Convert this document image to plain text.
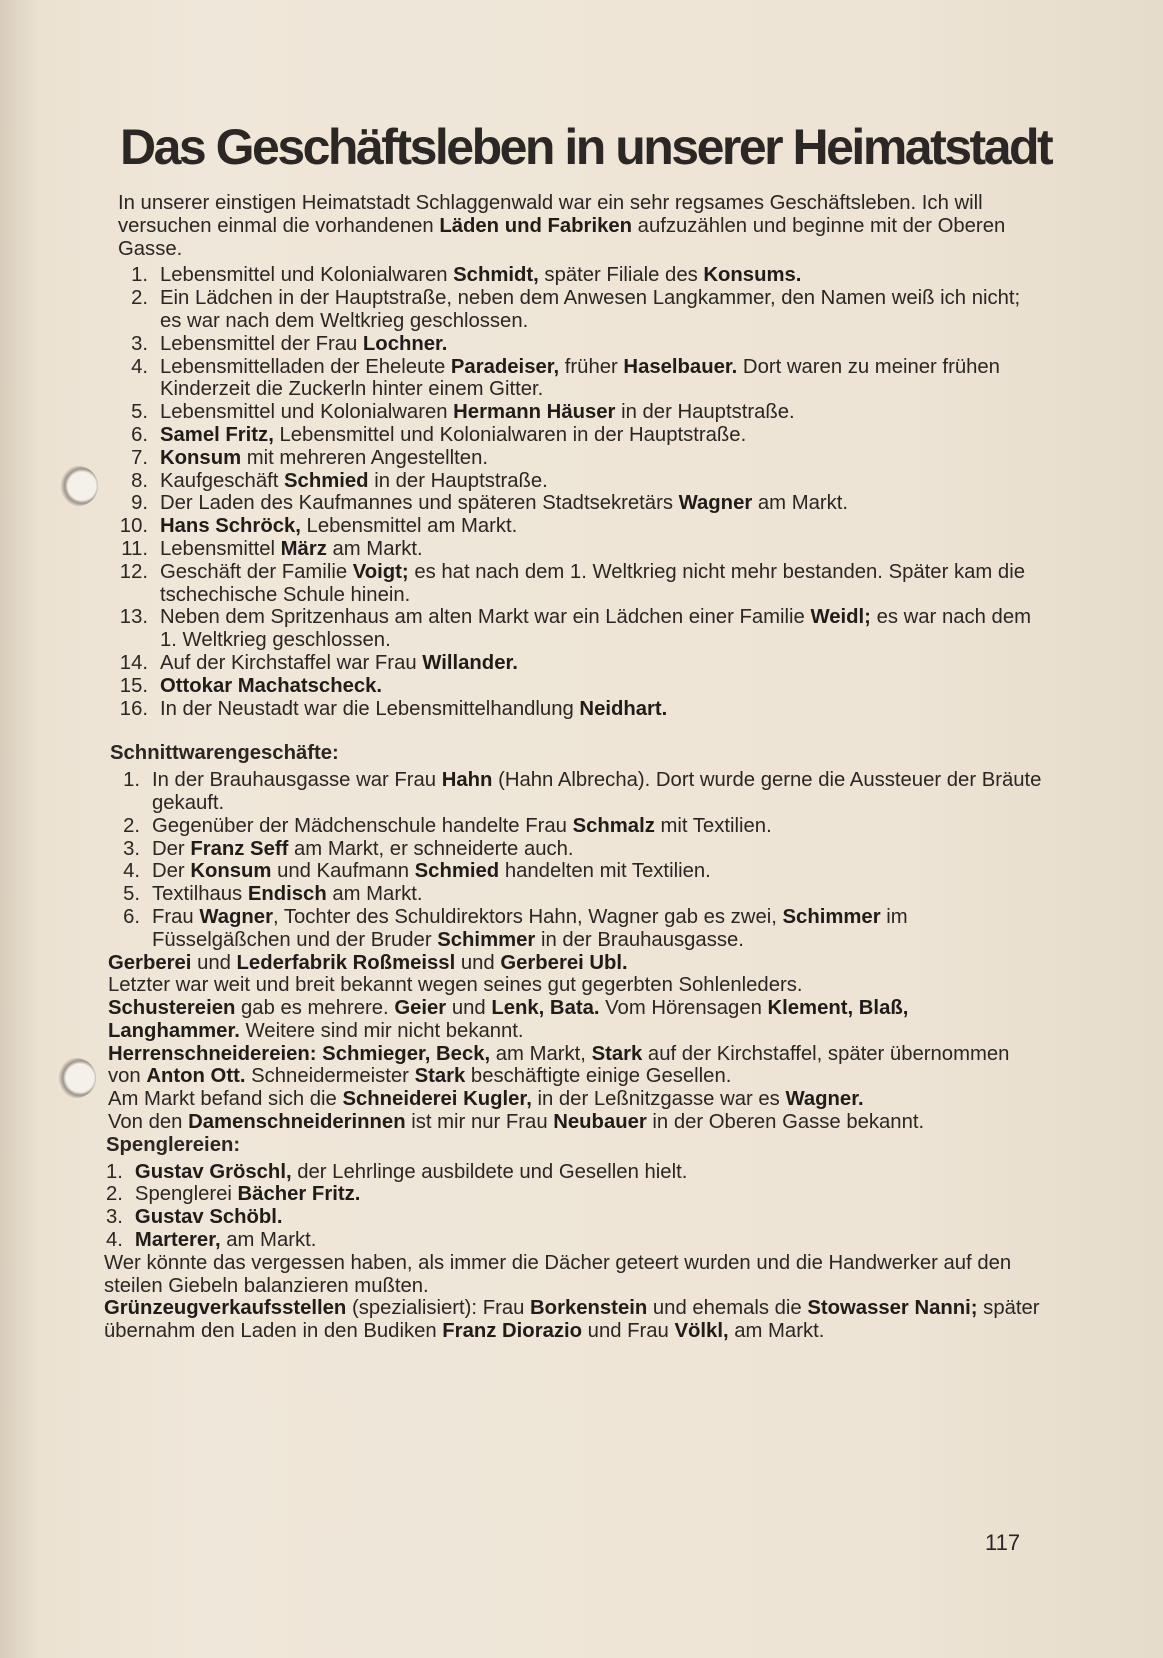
Das Geschäftsleben in unserer Heimatstadt

In unserer einstigen Heimatstadt Schlaggenwald war ein sehr regsames Geschäftsleben. Ich will versuchen einmal die vorhandenen Läden und Fabriken aufzuzählen und beginne mit der Oberen Gasse.

1. Lebensmittel und Kolonialwaren Schmidt, später Filiale des Konsums.
2. Ein Lädchen in der Hauptstraße, neben dem Anwesen Langkammer, den Namen weiß ich nicht; es war nach dem Weltkrieg geschlossen.
3. Lebensmittel der Frau Lochner.
4. Lebensmittelladen der Eheleute Paradeiser, früher Haselbauer. Dort waren zu meiner frühen Kinderzeit die Zuckerln hinter einem Gitter.
5. Lebensmittel und Kolonialwaren Hermann Häuser in der Hauptstraße.
6. Samel Fritz, Lebensmittel und Kolonialwaren in der Hauptstraße.
7. Konsum mit mehreren Angestellten.
8. Kaufgeschäft Schmied in der Hauptstraße.
9. Der Laden des Kaufmannes und späteren Stadtsekretärs Wagner am Markt.
10. Hans Schröck, Lebensmittel am Markt.
11. Lebensmittel März am Markt.
12. Geschäft der Familie Voigt; es hat nach dem 1. Weltkrieg nicht mehr bestanden. Später kam die tschechische Schule hinein.
13. Neben dem Spritzenhaus am alten Markt war ein Lädchen einer Familie Weidl; es war nach dem 1. Weltkrieg geschlossen.
14. Auf der Kirchstaffel war Frau Willander.
15. Ottokar Machatscheck.
16. In der Neustadt war die Lebensmittelhandlung Neidhart.
Schnittwarengeschäfte:
1. In der Brauhausgasse war Frau Hahn (Hahn Albrecha). Dort wurde gerne die Aussteuer der Bräute gekauft.
2. Gegenüber der Mädchenschule handelte Frau Schmalz mit Textilien.
3. Der Franz Seff am Markt, er schneiderte auch.
4. Der Konsum und Kaufmann Schmied handelten mit Textilien.
5. Textilhaus Endisch am Markt.
6. Frau Wagner, Tochter des Schuldirektors Hahn, Wagner gab es zwei, Schimmer im Füsselgäßchen und der Bruder Schimmer in der Brauhausgasse.

Gerberei und Lederfabrik Roßmeissl und Gerberei Ubl.

Letzter war weit und breit bekannt wegen seines gut gegerbten Sohlenleders.

Schustereien gab es mehrere. Geier und Lenk, Bata. Vom Hörensagen Klement, Blaß, Langhammer. Weitere sind mir nicht bekannt.

Herrenschneidereien: Schmieger, Beck, am Markt, Stark auf der Kirchstaffel, später übernommen von Anton Ott. Schneidermeister Stark beschäftigte einige Gesellen.

Am Markt befand sich die Schneiderei Kugler, in der Leßnitzgasse war es Wagner.

Von den Damenschneiderinnen ist mir nur Frau Neubauer in der Oberen Gasse bekannt.

Spenglereien:
1. Gustav Gröschl, der Lehrlinge ausbildete und Gesellen hielt.
2. Spenglerei Bächer Fritz.
3. Gustav Schöbl.
4. Marterer, am Markt.

Wer könnte das vergessen haben, als immer die Dächer geteert wurden und die Handwerker auf den steilen Giebeln balanzieren mußten.

Grünzeugverkaufsstellen (spezialisiert): Frau Borkenstein und ehemals die Stowasser Nanni; später übernahm den Laden in den Budiken Franz Diorazio und Frau Völkl, am Markt.

117
